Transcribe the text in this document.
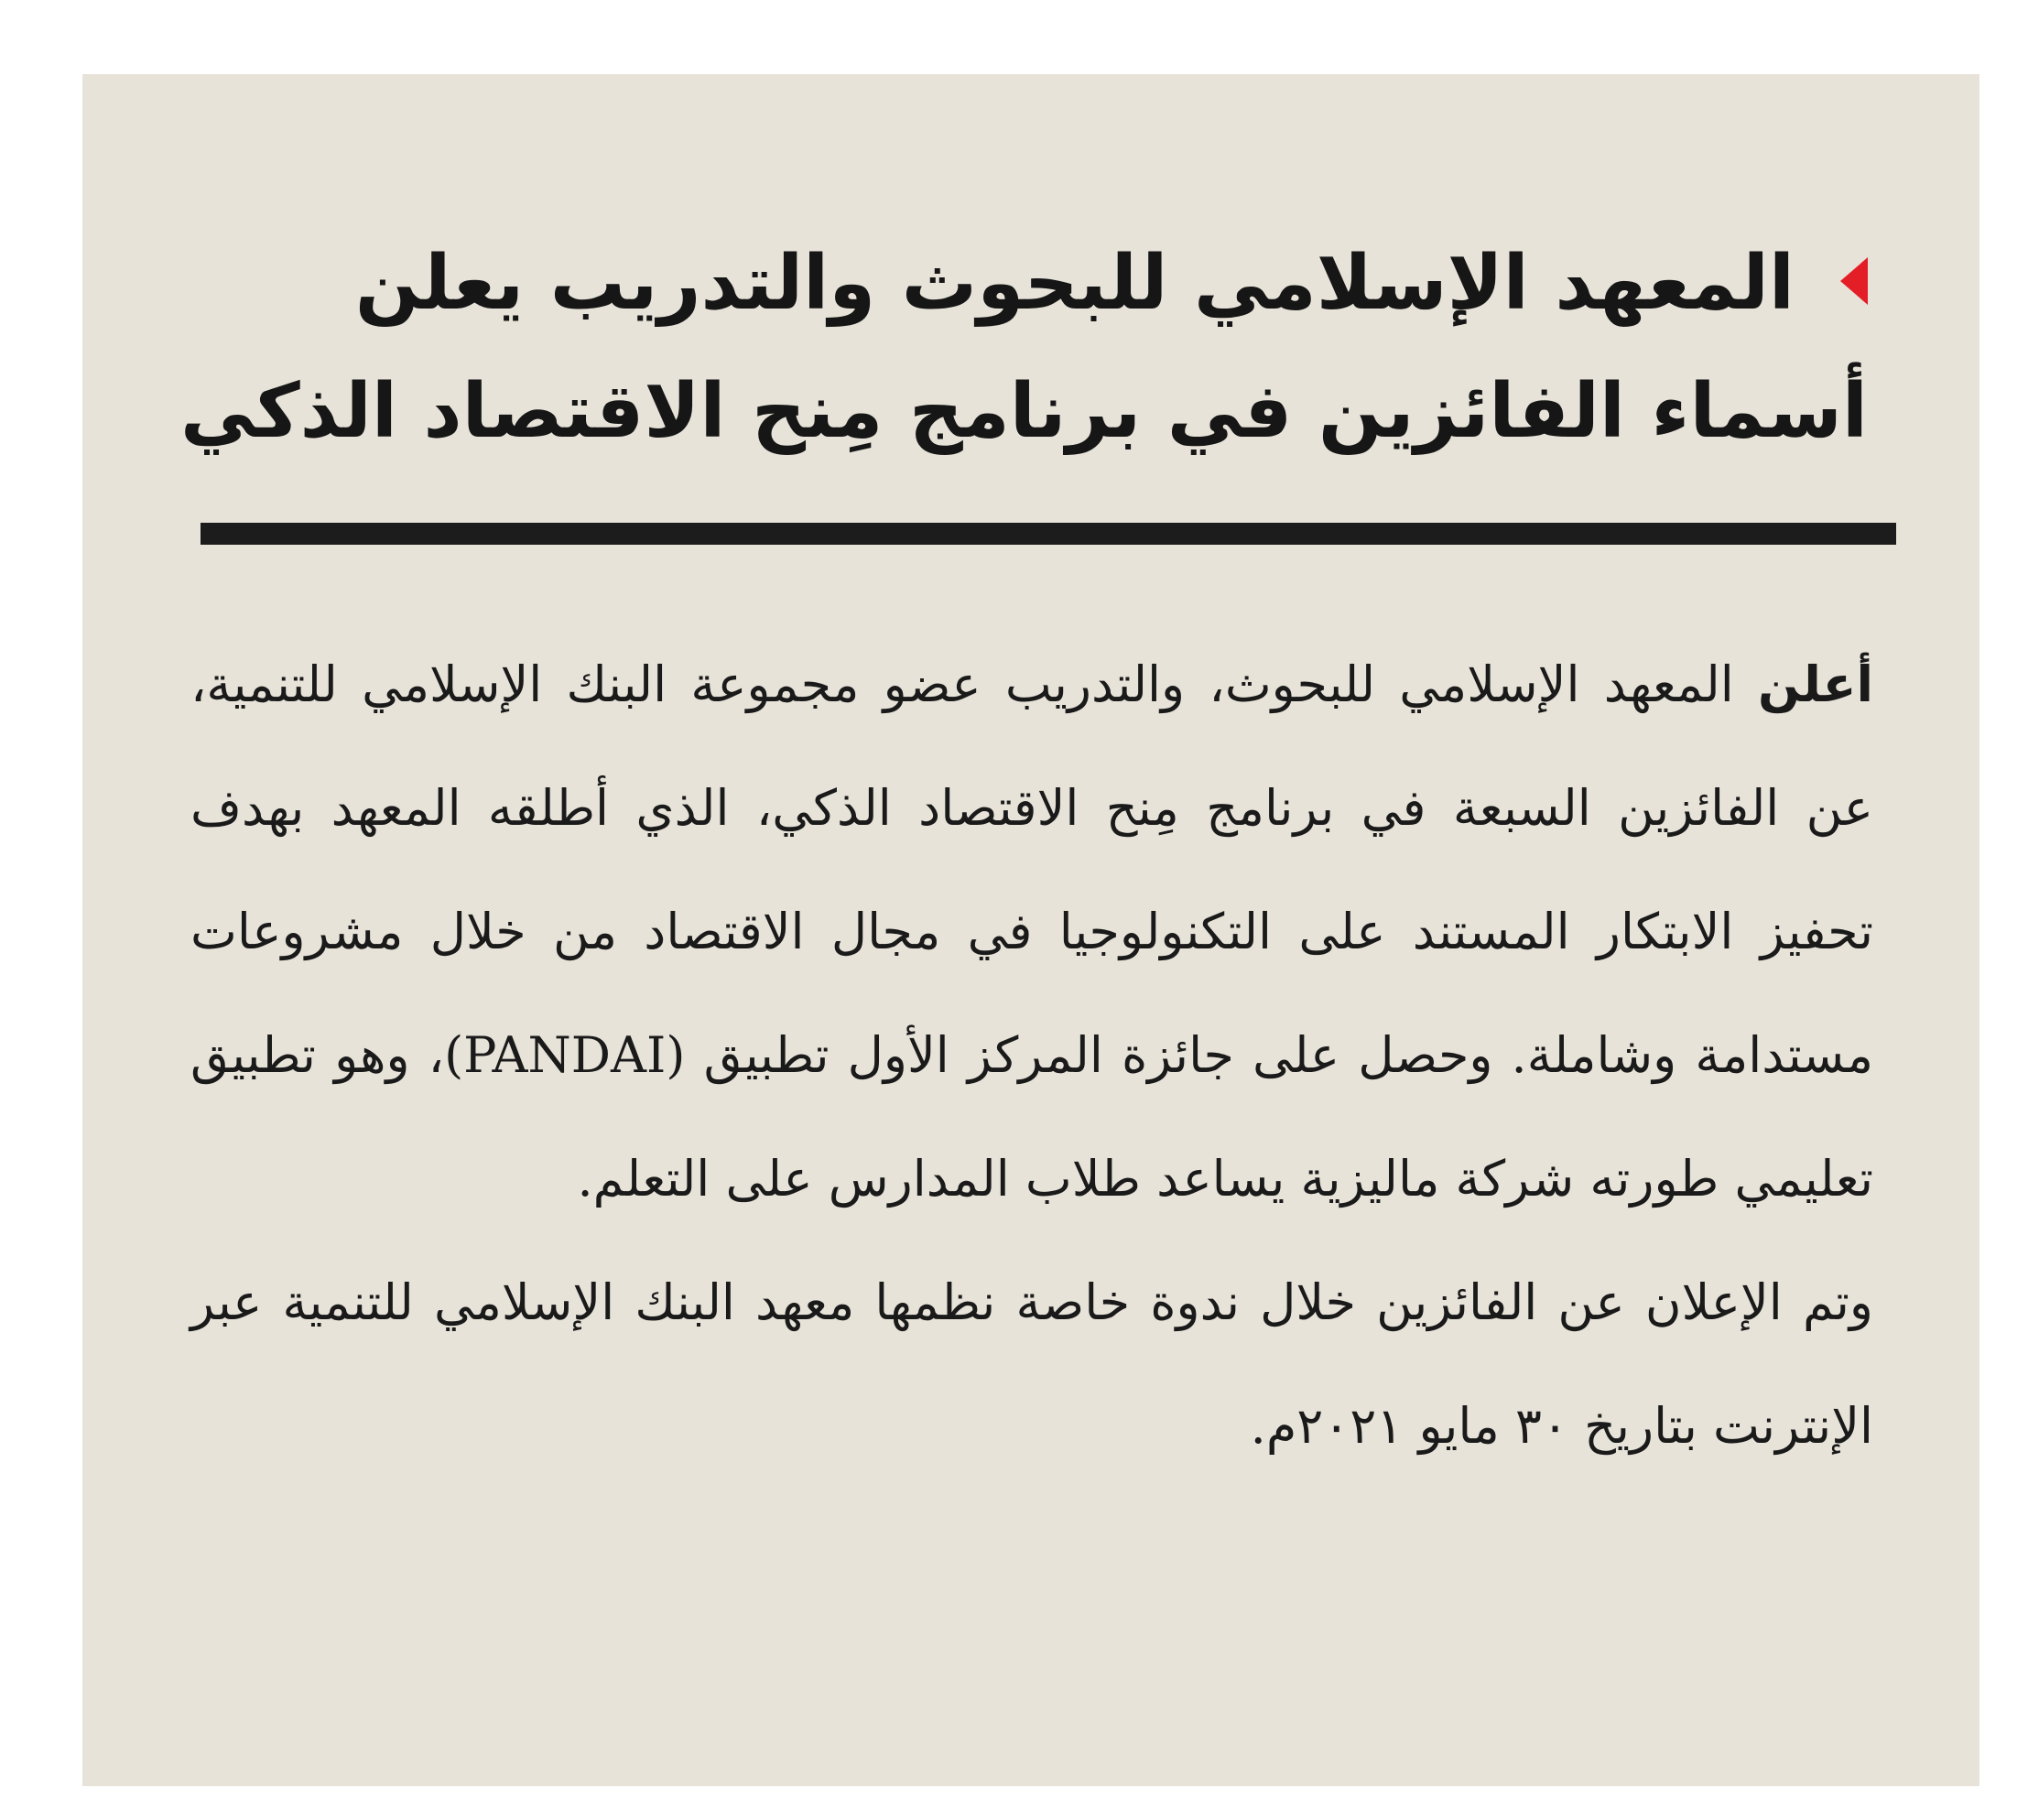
المعهد الإسلامي للبحوث والتدريب يعلن
أسماء الفائزين في برنامج مِنح الاقتصاد الذكي

أعلن المعهد الإسلامي للبحوث، والتدريب عضو مجموعة البنك الإسلامي للتنمية، عن الفائزين السبعة في برنامج مِنح الاقتصاد الذكي، الذي أطلقه المعهد بهدف تحفيز الابتكار المستند على التكنولوجيا في مجال الاقتصاد من خلال مشروعات مستدامة وشاملة. وحصل على جائزة المركز الأول تطبيق (PANDAI)، وهو تطبيق تعليمي طورته شركة ماليزية يساعد طلاب المدارس على التعلم.

وتم الإعلان عن الفائزين خلال ندوة خاصة نظمها معهد البنك الإسلامي للتنمية عبر الإنترنت بتاريخ ٣٠ مايو ٢٠٢١م.
